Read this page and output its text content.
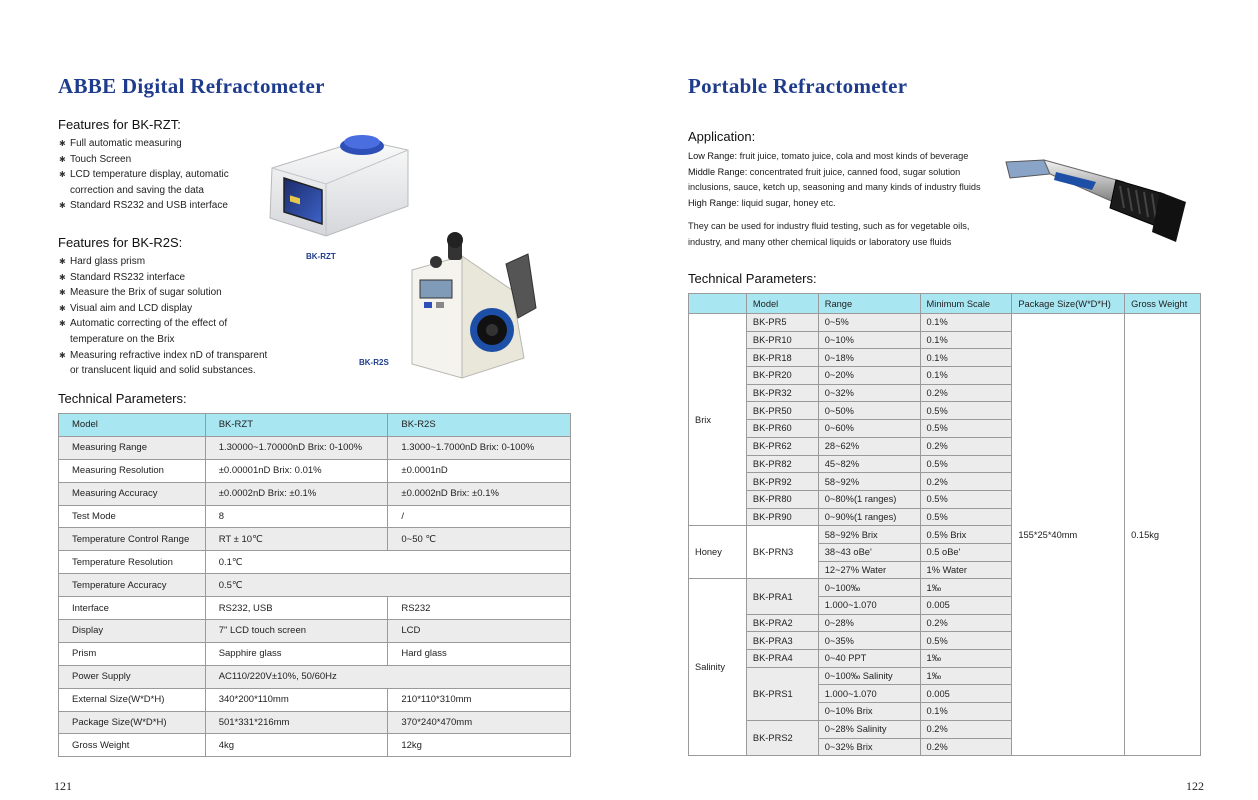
ABBE Digital Refractometer
Features for BK-RZT:
✱ Full automatic measuring
✱ Touch Screen
✱ LCD temperature display, automatic
correction and saving the data
✱ Standard RS232 and USB interface
Features for BK-R2S:
✱ Hard glass prism
✱ Standard RS232 interface
✱ Measure the Brix of sugar solution
✱ Visual aim and LCD display
✱ Automatic correcting of the effect of
temperature on the Brix
✱ Measuring refractive index nD of transparent
or translucent liquid and solid substances.
BK-RZT
BK-R2S
Technical Parameters:
Model	BK-RZT	BK-R2S
Measuring Range	1.30000~1.70000nD Brix: 0-100%	1.3000~1.7000nD Brix: 0-100%
Measuring Resolution	±0.00001nD Brix: 0.01%	±0.0001nD
Measuring Accuracy	±0.0002nD Brix: ±0.1%	±0.0002nD Brix: ±0.1%
Test Mode	8	/
Temperature Control Range	RT ± 10℃	0~50 ℃
Temperature Resolution	0.1℃	
Temperature Accuracy	0.5℃	
Interface	RS232, USB	RS232
Display	7" LCD touch screen	LCD
Prism	Sapphire glass	Hard glass
Power Supply	AC110/220V±10%, 50/60Hz	
External Size(W*D*H)	340*200*110mm	210*110*310mm
Package Size(W*D*H)	501*331*216mm	370*240*470mm
Gross Weight	4kg	12kg
121
Portable Refractometer
Application:

Low Range: fruit juice, tomato juice, cola and most kinds of beverage

Middle Range: concentrated fruit juice, canned food, sugar solution

inclusions, sauce, ketch up, seasoning and many kinds of industry fluids

High Range: liquid sugar, honey etc.

They can be used for industry fluid testing, such as for vegetable oils,

industry, and many other chemical liquids or laboratory use fluids

Technical Parameters:
	Model	Range	Minimum Scale	Package Size(W*D*H)	Gross Weight
Brix	BK-PR5	0~5%	0.1%	155*25*40mm	0.15kg
	BK-PR10	0~10%	0.1%		
	BK-PR18	0~18%	0.1%		
	BK-PR20	0~20%	0.1%		
	BK-PR32	0~32%	0.2%		
	BK-PR50	0~50%	0.5%		
	BK-PR60	0~60%	0.5%		
	BK-PR62	28~62%	0.2%		
	BK-PR82	45~82%	0.5%		
	BK-PR92	58~92%	0.2%		
	BK-PR80	0~80%(1 ranges)	0.5%		
	BK-PR90	0~90%(1 ranges)	0.5%		
Honey	BK-PRN3	58~92% Brix	0.5% Brix		
		38~43 oBe'	0.5 oBe'		
		12~27% Water	1% Water		
Salinity	BK-PRA1	0~100‰	1‰		
		1.000~1.070	0.005		
	BK-PRA2	0~28%	0.2%		
	BK-PRA3	0~35%	0.5%		
	BK-PRA4	0~40 PPT	1‰		
	BK-PRS1	0~100‰ Salinity	1‰		
		1.000~1.070	0.005		
		0~10% Brix	0.1%		
	BK-PRS2	0~28% Salinity	0.2%		
		0~32% Brix	0.2%		
122
